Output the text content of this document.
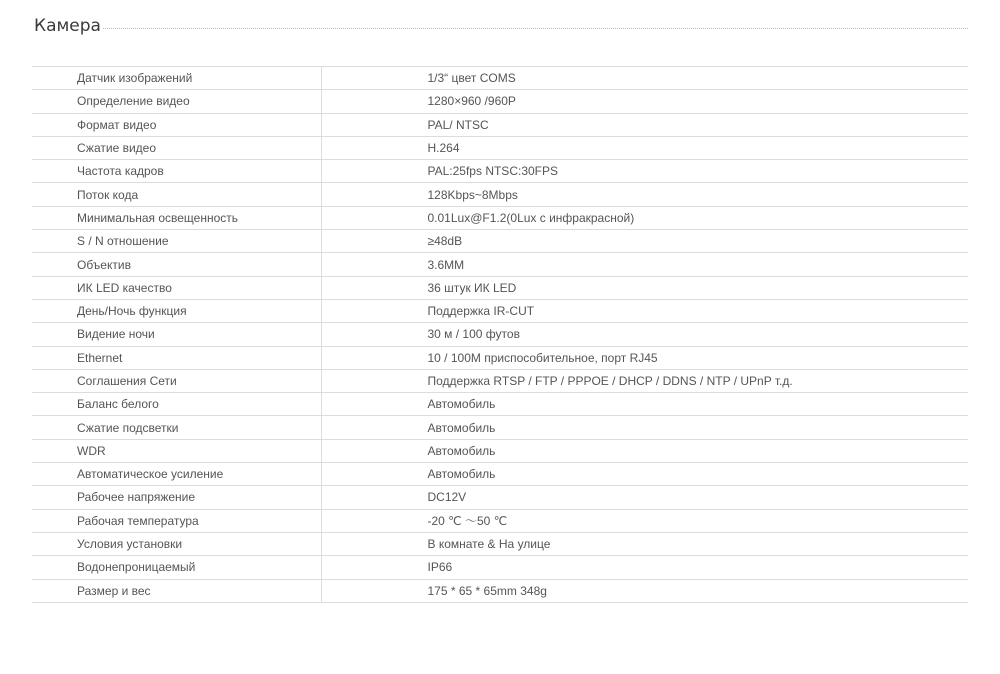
Камера
Датчик изображений	1/3“ цвет COMS
Определение видео	1280×960 /960P
Формат видео	PAL/ NTSC
Сжатие видео	H.264
Частота кадров	PAL:25fps NTSC:30FPS
Поток кода	128Kbps~8Mbps
Минимальная освещенность	0.01Lux@F1.2(0Lux с инфракрасной)
S / N отношение	≥48dB
Объектив	3.6MM
ИК LED качество	36 штук ИК LED
День/Ночь функция	Поддержка IR-CUT
Видение ночи	30 м / 100 футов
Ethernet	10 / 100M приспособительное, порт RJ45
Соглашения Сети	Поддержка RTSP / FTP / PPPOE / DHCP / DDNS / NTP / UPnP т.д.
Баланс белого	Автомобиль
Сжатие подсветки	Автомобиль
WDR	Автомобиль
Автоматическое усиление	Автомобиль
Рабочее напряжение	DC12V
Рабочая температура	-20 ℃ ～50 ℃
Условия установки	В комнате & На улице
Водонепроницаемый	IP66
Размер и вес	175 * 65 * 65mm 348g
